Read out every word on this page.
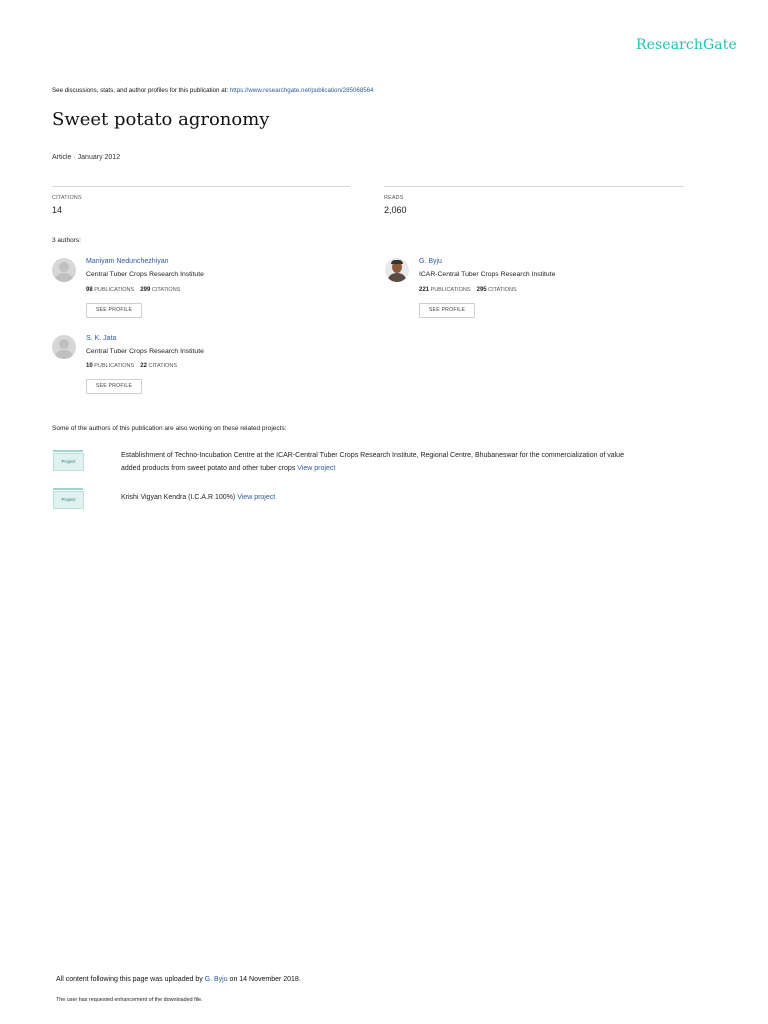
ResearchGate
See discussions, stats, and author profiles for this publication at: https://www.researchgate.net/publication/285068564
Sweet potato agronomy
Article · January 2012
CITATIONS
14
READS
2,060
3 authors:
Maniyam Nedunchezhiyan
Central Tuber Crops Research Institute
98 PUBLICATIONS 299 CITATIONS
SEE PROFILE
G. Byju
ICAR-Central Tuber Crops Research Institute
221 PUBLICATIONS 295 CITATIONS
SEE PROFILE
S. K. Jata
Central Tuber Crops Research Institute
10 PUBLICATIONS 22 CITATIONS
SEE PROFILE
Some of the authors of this publication are also working on these related projects:
Project
Establishment of Techno-Incubation Centre at the ICAR-Central Tuber Crops Research Institute, Regional Centre, Bhubaneswar for the commercialization of value
added products from sweet potato and other tuber crops View project
Project	Krishi Vigyan Kendra (I.C.A.R 100%) View project
All content following this page was uploaded by G. Byju on 14 November 2018.
The user has requested enhancement of the downloaded file.
